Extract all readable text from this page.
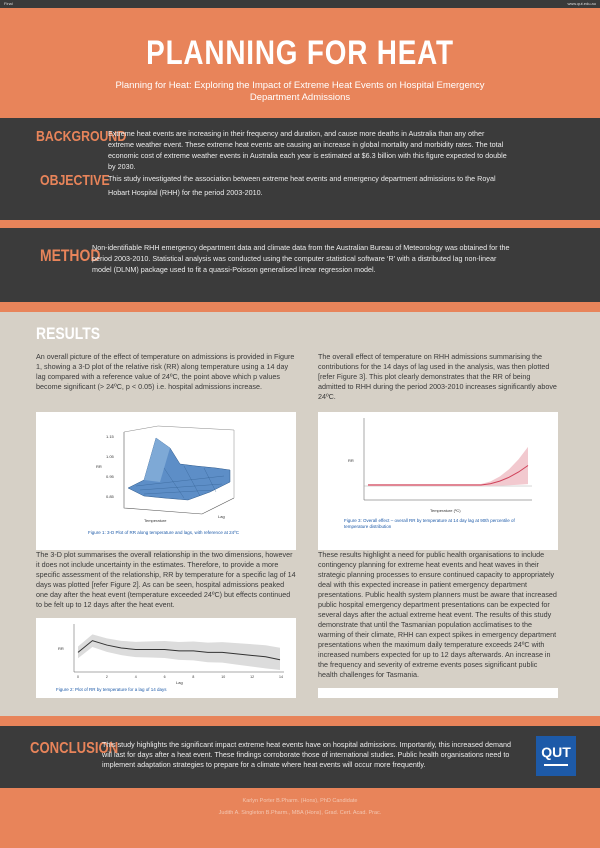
Final	www.qut.edu.au
PLANNING FOR HEAT
Planning for Heat: Exploring the Impact of Extreme Heat Events on Hospital Emergency Department Admissions
BACKGROUND
Extreme heat events are increasing in their frequency and duration, and cause more deaths in Australia than any other extreme weather event. These extreme heat events are causing an increase in global mortality and morbidity rates. The total economic cost of extreme weather events in Australia each year is estimated at $6.3 billion with this figure expected to double by 2030.
OBJECTIVE
This study investigated the association between extreme heat events and emergency department admissions to the Royal Hobart Hospital (RHH) for the period 2003-2010.
METHOD
Non-identifiable RHH emergency department data and climate data from the Australian Bureau of Meteorology was obtained for the period 2003-2010. Statistical analysis was conducted using the computer statistical software ‘R’ with a distributed lag non-linear model (DLNM) package used to fit a quassi-Poisson generalised linear regression model.
RESULTS

An overall picture of the effect of temperature on admissions is provided in Figure 1, showing a 3-D plot of the relative risk (RR) along temperature using a 14 day lag compared with a reference value of 24ºC, the point above which p values become significant (> 24ºC, p < 0.05) i.e. hospital admissions increase.

The overall effect of temperature on RHH admissions summarising the contributions for the 14 days of lag used in the analysis, was then plotted [refer Figure 3]. This plot clearly demonstrates that the RR of being admitted to RHH during the period 2003-2010 increases significantly above 24ºC.

1.15
1.05
0.95
0.85
RR
Temperature
Lag
Figure 1: 3-D Plot of RR along temperature and lags, with reference at 24ºC
RR
Temperature (ºC)
Figure 3: Overall effect – overall RR by temperature at 14 day lag at 90th percentile of temperature distribution

The 3-D plot summarises the overall relationship in the two dimensions, however it does not include uncertainty in the estimates. Therefore, to provide a more specific assessment of the relationship, RR by temperature for a specific lag of 14 days was plotted [refer Figure 2]. As can be seen, hospital admissions peaked one day after the heat event (temperature exceeded 24ºC) but effects continued to be felt up to 12 days after the heat event.

These results highlight a need for public health organisations to include contingency planning for extreme heat events and heat waves in their strategic planning processes to ensure continued capacity to appropriately deal with this expected increase in patient emergency department presentations. Public health system planners must be aware that increased public hospital emergency department presentations can be expected for several days after the actual extreme heat event. The results of this study demonstrate that until the Tasmanian population acclimatises to the warming of their climate, RHH can expect spikes in emergency department presentations when the maximum daily temperature exceeds 24ºC with increased numbers expected for up to 12 days afterwards. An increase in the frequency and severity of extreme events poses significant public health challenges for Tasmania.

RR
Lag
0	2	4	6	8	10	12	14
Figure 2: Plot of RR by temperature for a lag of 14 days
CONCLUSION
This study highlights the significant impact extreme heat events have on hospital admissions. Importantly, this increased demand will last for days after a heat event. These findings corroborate those of international studies. Public health organisations need to implement adaptation strategies to prepare for a climate where heat events will occur more frequently.
QUT
Karlyn Porter B.Pharm. (Hons), PhD Candidate
Judith A. Singleton B.Pharm., MBA (Hons), Grad. Cert. Acad. Prac.
